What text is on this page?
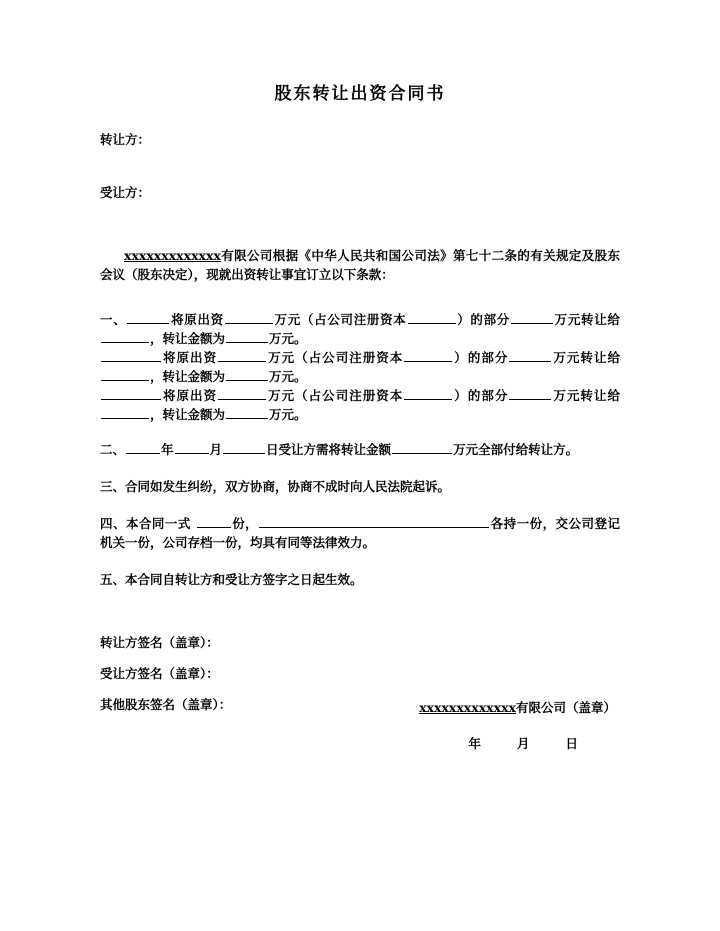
股东转让出资合同书

转让方：

受让方：

xxxxxxxxxxxxx有限公司根据《中华人民共和国公司法》第七十二条的有关规定及股东会议（股东决定），现就出资转让事宜订立以下条款：

一、	将原出资	万元（占公司注册资本	）的部分	万元转让给，转让金额为	万元。

将原出资	万元（占公司注册资本	）的部分	万元转让给，转让金额为	万元。

将原出资	万元（占公司注册资本	）的部分	万元转让给，转让金额为	万元。

二、	年	月	日受让方需将转让金额	万元全部付给转让方。

三、合同如发生纠纷，双方协商，协商不成时向人民法院起诉。

四、本合同一式	份，	各持一份，交公司登记机关一份，公司存档一份，均具有同等法律效力。

五、本合同自转让方和受让方签字之日起生效。

转让方签名（盖章）：

受让方签名（盖章）：

其他股东签名（盖章）：	xxxxxxxxxxxxx有限公司（盖章）
年	月	日
